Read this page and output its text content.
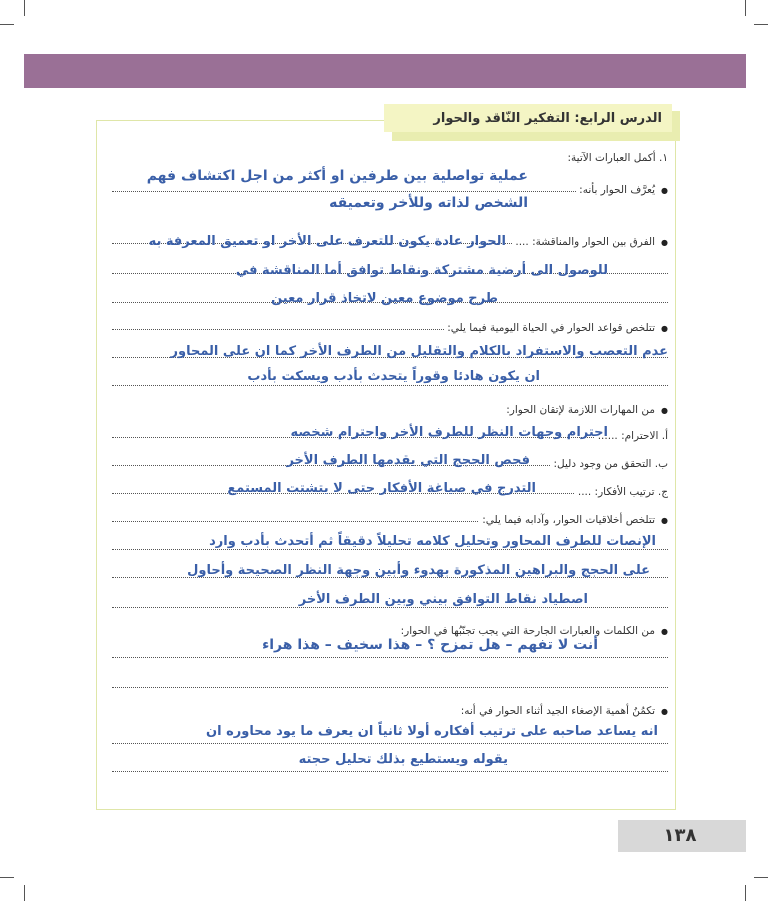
الدرس الرابع: التفكير النّاقد والحوار
١. أكمل العبارات الآتية:
● يُعرَّف الحوار بأنه:
عملية تواصلية بين طرفين او أكثر من اجل اكتشاف فهم
الشخص لذاته وللأخر وتعميقه
● الفرق بين الحوار والمناقشة: ....
الحوار عادة يكون للتعرف على الأخر او تعميق المعرفة به
للوصول الى أرضية مشتركة ونقاط توافق أما المناقشة في
طرح موضوع معين لاتخاذ قرار معين
● تتلخص قواعد الحوار في الحياة اليومية فيما يلي:
عدم التعصب والاستفراد بالكلام والتقليل من الطرف الأخر كما ان على المحاور
ان يكون هادئا وقوراً يتحدث بأدب ويسكت بأدب
● من المهارات اللازمة لإتقان الحوار:
أ. الاحترام: ......
احترام وجهات النظر للطرف الأخر واحترام شخصه
ب. التحقق من وجود دليل:
فحص الحجج التي يقدمها الطرف الأخر
ج. ترتيب الأفكار: ....
التدرج في صياغة الأفكار حتى لا يتشتت المستمع
● تتلخص أخلاقيات الحوار، وآدابه فيما يلي:
الإنصات للطرف المحاور وتحليل كلامه تحليلاً دقيقاً ثم أتحدث بأدب وارد
على الحجج والبراهين المذكورة بهدوء وأبين وجهة النظر الصحيحة وأحاول
اصطياد نقاط التوافق بيني وبين الطرف الأخر
● من الكلمات والعبارات الجارحة التي يجب تجنّبُها في الحوار:
أنت لا تفهم – هل تمزح ؟ – هذا سخيف – هذا هراء
● تكمُنُ أهمية الإصغاء الجيد أثناء الحوار في أنه:
انه يساعد صاحبه على ترتيب أفكاره أولا ثانياً ان يعرف ما يود محاوره ان
يقوله ويستطيع بذلك تحليل حجته
١٣٨
